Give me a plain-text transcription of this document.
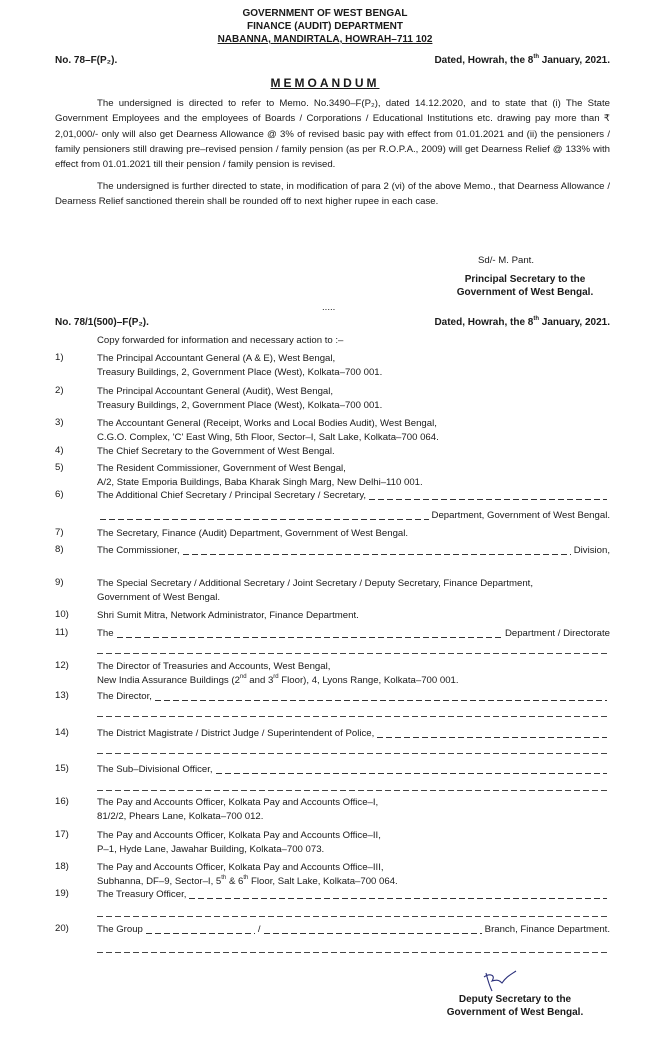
GOVERNMENT OF WEST BENGAL
FINANCE (AUDIT) DEPARTMENT
NABANNA, MANDIRTALA, HOWRAH–711 102
No. 78–F(P₂).	Dated, Howrah, the 8th January, 2021.
MEMOANDUM
The undersigned is directed to refer to Memo. No.3490–F(P₂), dated 14.12.2020, and to state that (i) The State Government Employees and the employees of Boards / Corporations / Educational Institutions etc. drawing pay more than ₹ 2,01,000/- only will also get Dearness Allowance @ 3% of revised basic pay with effect from 01.01.2021 and (ii) the pensioners / family pensioners still drawing pre–revised pension / family pension (as per R.O.P.A., 2009) will get Dearness Relief @ 133% with effect from 01.01.2021 till their pension / family pension is revised.
The undersigned is further directed to state, in modification of para 2 (vi) of the above Memo., that Dearness Allowance / Dearness Relief sanctioned therein shall be rounded off to next higher rupee in each case.
Sd/- M. Pant.
Principal Secretary to the
Government of West Bengal.
.....
No. 78/1(500)–F(P₂).	Dated, Howrah, the 8th January, 2021.
Copy forwarded for information and necessary action to :–
1)	The Principal Accountant General (A & E), West Bengal,
Treasury Buildings, 2, Government Place (West), Kolkata–700 001.
2)	The Principal Accountant General (Audit), West Bengal,
Treasury Buildings, 2, Government Place (West), Kolkata–700 001.
3)	The Accountant General (Receipt, Works and Local Bodies Audit), West Bengal,
C.G.O. Complex, 'C' East Wing, 5th Floor, Sector–I, Salt Lake, Kolkata–700 064.
4)	The Chief Secretary to the Government of West Bengal.
5)	The Resident Commissioner, Government of West Bengal,
A/2, State Emporia Buildings, Baba Kharak Singh Marg, New Delhi–110 001.
6)	The Additional Chief Secretary / Principal Secretary / Secretary,
Department, Government of West Bengal.
7)	The Secretary, Finance (Audit) Department, Government of West Bengal.
8)	The Commissioner,	Division,
9)	The Special Secretary / Additional Secretary / Joint Secretary / Deputy Secretary, Finance Department,
Government of West Bengal.
10)	Shri Sumit Mitra, Network Administrator, Finance Department.
11)	The	Department / Directorate
12)	The Director of Treasuries and Accounts, West Bengal,
New India Assurance Buildings (2nd and 3rd Floor), 4, Lyons Range, Kolkata–700 001.
13)	The Director,
14)	The District Magistrate / District Judge / Superintendent of Police,
15)	The Sub–Divisional Officer,
16)	The Pay and Accounts Officer, Kolkata Pay and Accounts Office–I,
81/2/2, Phears Lane, Kolkata–700 012.
17)	The Pay and Accounts Officer, Kolkata Pay and Accounts Office–II,
P–1, Hyde Lane, Jawahar Building, Kolkata–700 073.
18)	The Pay and Accounts Officer, Kolkata Pay and Accounts Office–III,
Subhanna, DF–9, Sector–I, 5th & 6th Floor, Salt Lake, Kolkata–700 064.
19)	The Treasury Officer,
20)	The Group	/	Branch, Finance Department.
Deputy Secretary to the
Government of West Bengal.
